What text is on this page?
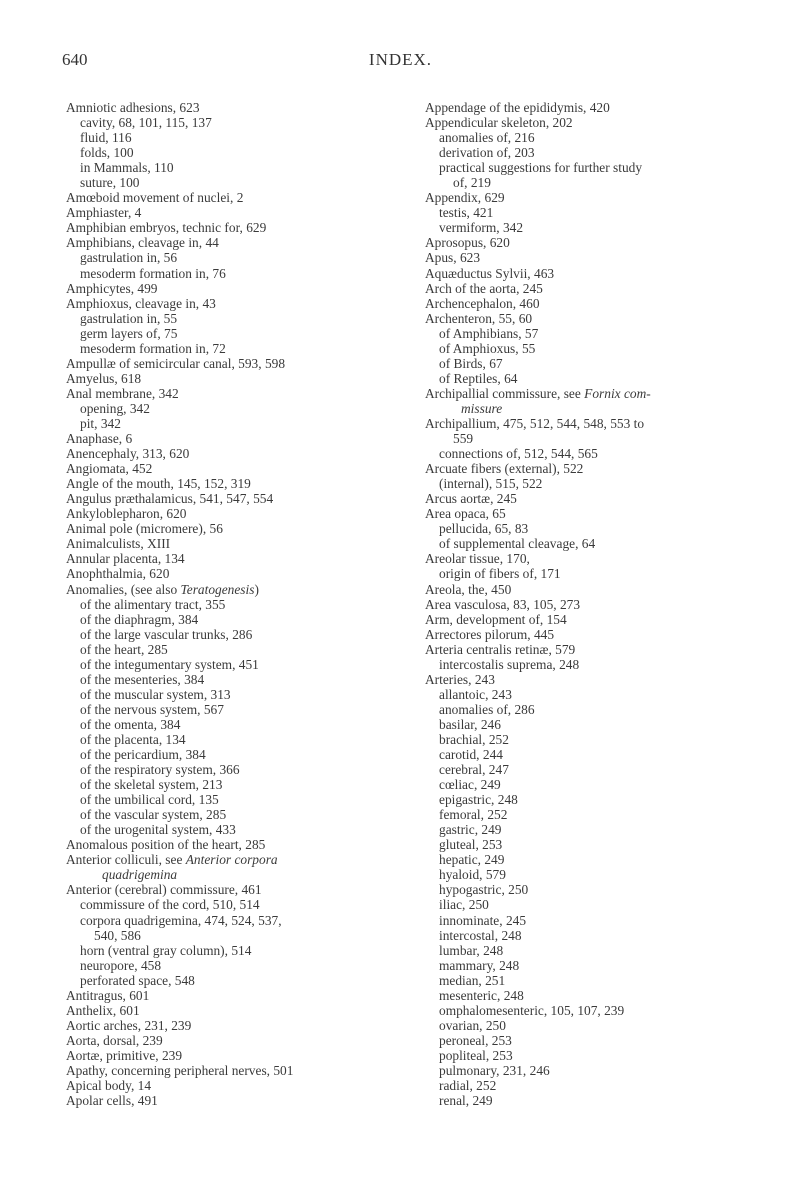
640	INDEX.
Amniotic adhesions, 623
cavity, 68, 101, 115, 137
fluid, 116
folds, 100
in Mammals, 110
suture, 100
Amœboid movement of nuclei, 2
Amphiaster, 4
Amphibian embryos, technic for, 629
Amphibians, cleavage in, 44
gastrulation in, 56
mesoderm formation in, 76
Amphicytes, 499
Amphioxus, cleavage in, 43
gastrulation in, 55
germ layers of, 75
mesoderm formation in, 72
Ampullæ of semicircular canal, 593, 598
Amyelus, 618
Anal membrane, 342
opening, 342
pit, 342
Anaphase, 6
Anencephaly, 313, 620
Angiomata, 452
Angle of the mouth, 145, 152, 319
Angulus præthalamicus, 541, 547, 554
Ankyloblepharon, 620
Animal pole (micromere), 56
Animalculists, XIII
Annular placenta, 134
Anophthalmia, 620
Anomalies, (see also Teratogenesis)
of the alimentary tract, 355
of the diaphragm, 384
of the large vascular trunks, 286
of the heart, 285
of the integumentary system, 451
of the mesenteries, 384
of the muscular system, 313
of the nervous system, 567
of the omenta, 384
of the placenta, 134
of the pericardium, 384
of the respiratory system, 366
of the skeletal system, 213
of the umbilical cord, 135
of the vascular system, 285
of the urogenital system, 433
Anomalous position of the heart, 285
Anterior colliculi, see Anterior corpora
quadrigemina
Anterior (cerebral) commissure, 461
commissure of the cord, 510, 514
corpora quadrigemina, 474, 524, 537,
540, 586
horn (ventral gray column), 514
neuropore, 458
perforated space, 548
Antitragus, 601
Anthelix, 601
Aortic arches, 231, 239
Aorta, dorsal, 239
Aortæ, primitive, 239
Apathy, concerning peripheral nerves, 501
Apical body, 14
Apolar cells, 491
Appendage of the epididymis, 420
Appendicular skeleton, 202
anomalies of, 216
derivation of, 203
practical suggestions for further study
of, 219
Appendix, 629
testis, 421
vermiform, 342
Aprosopus, 620
Apus, 623
Aquæductus Sylvii, 463
Arch of the aorta, 245
Archencephalon, 460
Archenteron, 55, 60
of Amphibians, 57
of Amphioxus, 55
of Birds, 67
of Reptiles, 64
Archipallial commissure, see Fornix com-
missure
Archipallium, 475, 512, 544, 548, 553 to
559
connections of, 512, 544, 565
Arcuate fibers (external), 522
(internal), 515, 522
Arcus aortæ, 245
Area opaca, 65
pellucida, 65, 83
of supplemental cleavage, 64
Areolar tissue, 170,
origin of fibers of, 171
Areola, the, 450
Area vasculosa, 83, 105, 273
Arm, development of, 154
Arrectores pilorum, 445
Arteria centralis retinæ, 579
intercostalis suprema, 248
Arteries, 243
allantoic, 243
anomalies of, 286
basilar, 246
brachial, 252
carotid, 244
cerebral, 247
cœliac, 249
epigastric, 248
femoral, 252
gastric, 249
gluteal, 253
hepatic, 249
hyaloid, 579
hypogastric, 250
iliac, 250
innominate, 245
intercostal, 248
lumbar, 248
mammary, 248
median, 251
mesenteric, 248
omphalomesenteric, 105, 107, 239
ovarian, 250
peroneal, 253
popliteal, 253
pulmonary, 231, 246
radial, 252
renal, 249
